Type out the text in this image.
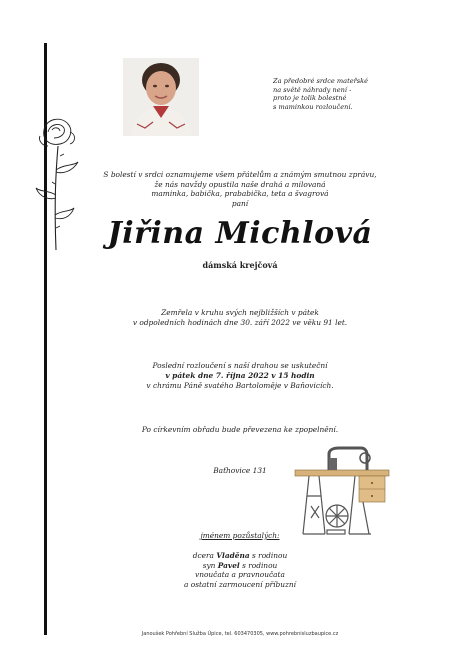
Za předobré srdce mateřské
na světě náhrady není -
proto je tolik bolestné
s maminkou rozloučení.
S bolestí v srdci oznamujeme všem přátelům a známým smutnou zprávu,
že nás navždy opustila naše drahá a milovaná
maminka, babička, prababička, teta a švagrová
paní
Jiřina Michlová
dámská krejčová
Zemřela v kruhu svých nejbližších v pátek
v odpoledních hodinách dne 30. září 2022 ve věku 91 let.
Poslední rozloučení s naší drahou se uskuteční
v pátek dne 7. října 2022 v 15 hodin
v chrámu Páně svatého Bartoloměje v Baňovicích.
Po církevním obřadu bude převezena ke zpopelnění.
Baťhovice 131
jménem pozůstalých:
dcera Vladěna s rodinou
syn Pavel s rodinou
vnoučata a pravnoučata
a ostatní zarmoucení příbuzní
Janoušek Pohřební Služba Úpice, tel. 603470305, www.pohrebnisluzbaupice.cz
